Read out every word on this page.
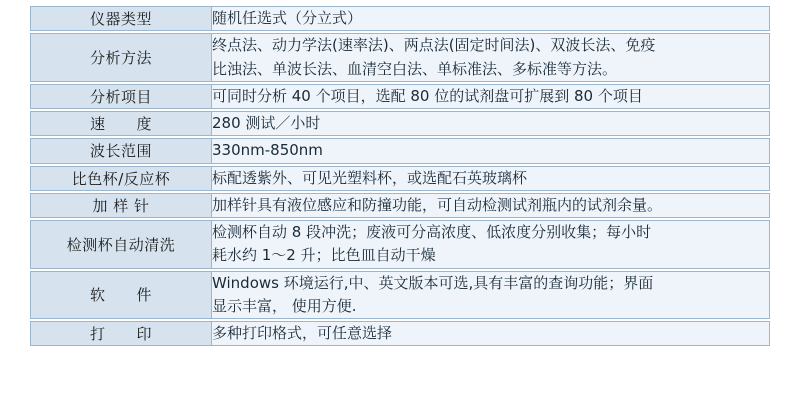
仪器类型	随机任选式（分立式）

分析方法	终点法、动力学法(速率法)、两点法(固定时间法)、双波长法、免疫
比浊法、单波长法、血清空白法、单标准法、多标准等方法。

分析项目	可同时分析 40 个项目，选配 80 位的试剂盘可扩展到 80 个项目

速　　度	280 测试／小时

波长范围	330nm-850nm

比色杯/反应杯	标配透紫外、可见光塑料杯，或选配石英玻璃杯

加 样 针	加样针具有液位感应和防撞功能，可自动检测试剂瓶内的试剂余量。

检测杯自动清洗	检测杯自动 8 段冲洗；废液可分高浓度、低浓度分别收集；每小时
耗水约 1～2 升；比色皿自动干燥

软　　件	Windows 环境运行,中、英文版本可选,具有丰富的查询功能；界面
显示丰富， 使用方便.

打　　印	多种打印格式，可任意选择
